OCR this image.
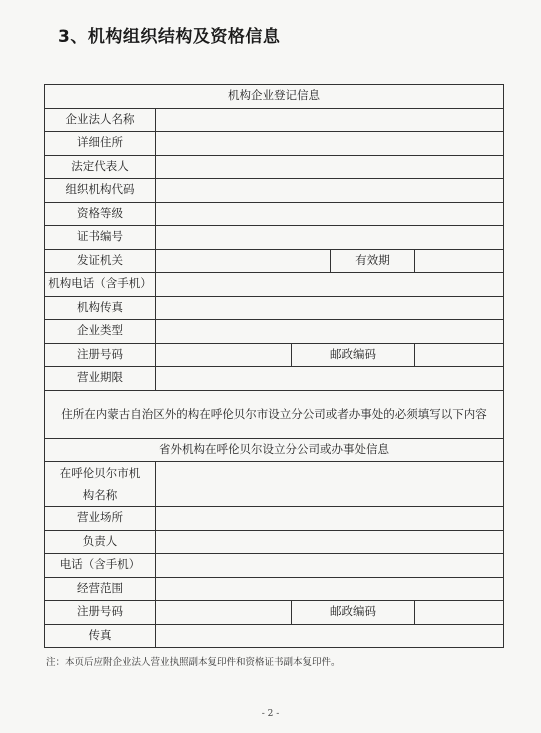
3、机构组织结构及资格信息
机构企业登记信息				
企业法人名称				
详细住所				
法定代表人				
组织机构代码				
资格等级				
证书编号				
发证机关			有效期	
机构电话（含手机）				
机构传真				
企业类型				
注册号码		邮政编码		
营业期限				
住所在内蒙古自治区外的构在呼伦贝尔市设立分公司或者办事处的必须填写以下内容				
省外机构在呼伦贝尔设立分公司或办事处信息				
在呼伦贝尔市机构名称				
营业场所				
负责人				
电话（含手机）				
经营范围				
注册号码		邮政编码		
传真				
注：本页后应附企业法人营业执照副本复印件和资格证书副本复印件。
- 2 -
